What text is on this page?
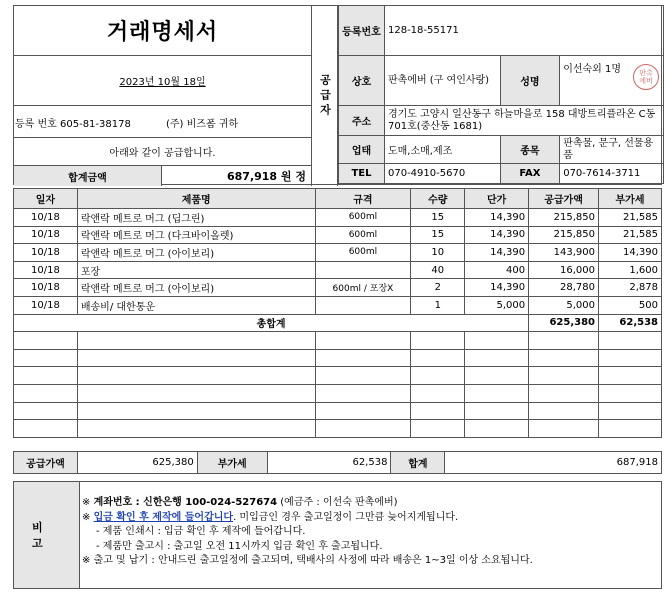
거래명세서
2023년 10월 18일
등록 번호 605-81-38178	(주) 비즈폼 귀하
아래와 같이 공급합니다.
합계금액	687,918 원 정
공급자
등록번호	128-18-55171		
상호	판촉에버 (구 여인사랑)	성명	이선숙외 1명 판촉
에버

주소	경기도 고양시 일산동구 하늘마을로 158 대방트리플라온 C동 701호(중산동 1681)		
업태	도매,소매,제조	종목	판촉물, 문구, 선물용품
TEL	070-4910-5670	FAX	070-7614-3711
일자	제품명	규격	수량	단가	공급가액	부가세
10/18	락앤락 메트로 머그 (딥그린)	600ml	15	14,390	215,850	21,585
10/18	락앤락 메트로 머그 (다크바이올렛)	600ml	15	14,390	215,850	21,585
10/18	락앤락 메트로 머그 (아이보리)	600ml	10	14,390	143,900	14,390
10/18	포장		40	400	16,000	1,600
10/18	락앤락 메트로 머그 (아이보리)	600ml / 포장X	2	14,390	28,780	2,878
10/18	배송비/ 대한통운		1	5,000	5,000	500
총합계					625,380	62,538

공급가액	625,380	부가세	62,538	합계	687,918
비고
※ 계좌번호 : 신한은행 100-024-527674 (예금주 : 이선숙 판촉에버)
※ 입금 확인 후 제작에 들어갑니다. 미입금인 경우 출고일정이 그만큼 늦어지게됩니다.
- 제품 인쇄시 : 입금 확인 후 제작에 들어갑니다.
- 제품만 출고시 : 출고일 오전 11시까지 입금 확인 후 출고됩니다.
※ 출고 및 납기 : 안내드린 출고일정에 출고되며, 택배사의 사정에 따라 배송은 1~3일 이상 소요됩니다.
